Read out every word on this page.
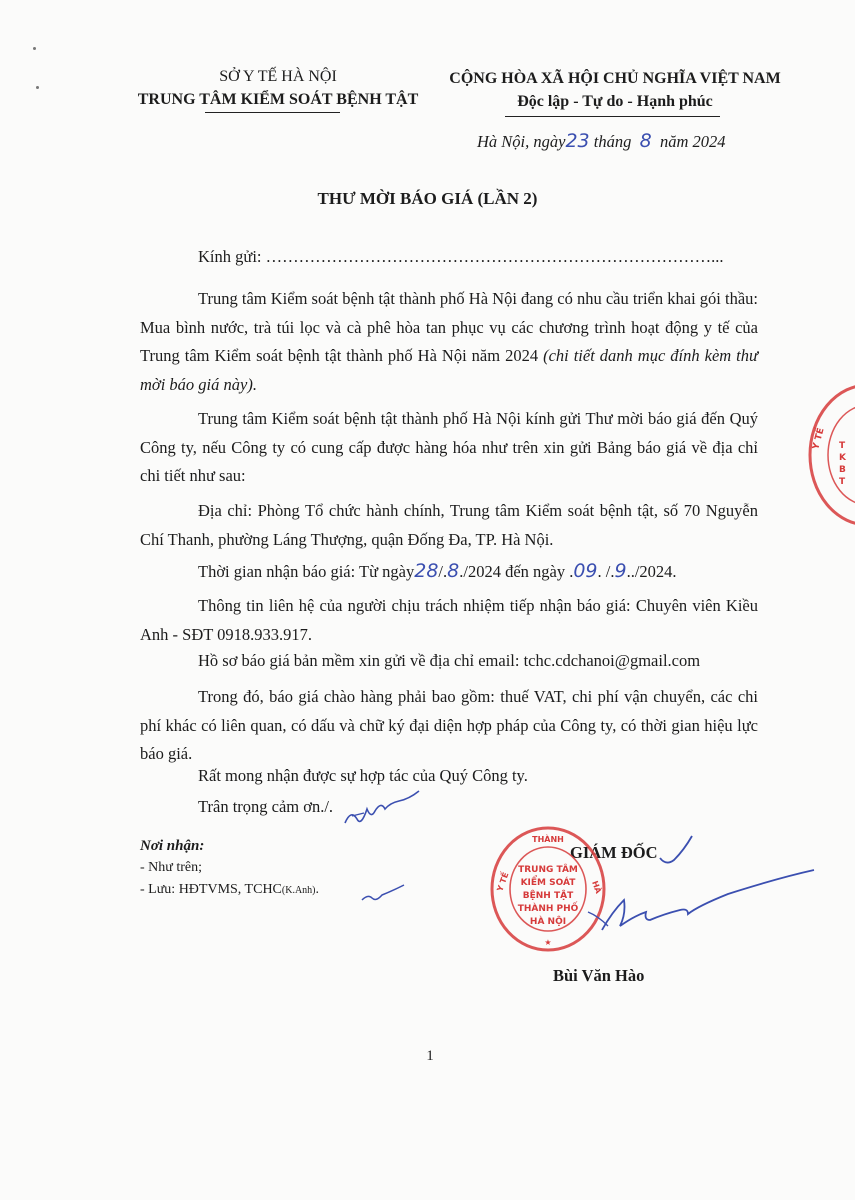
SỞ Y TẾ HÀ NỘI
TRUNG TÂM KIỂM SOÁT BỆNH TẬT
CỘNG HÒA XÃ HỘI CHỦ NGHĨA VIỆT NAM
Độc lập - Tự do - Hạnh phúc
Hà Nội, ngày23 tháng 8 năm 2024
THƯ MỜI BÁO GIÁ (LẦN 2)
Kính gửi: ………………………………………………………………………...
Trung tâm Kiểm soát bệnh tật thành phố Hà Nội đang có nhu cầu triển khai gói thầu: Mua bình nước, trà túi lọc và cà phê hòa tan phục vụ các chương trình hoạt động y tế của Trung tâm Kiểm soát bệnh tật thành phố Hà Nội năm 2024 (chi tiết danh mục đính kèm thư mời báo giá này).
Trung tâm Kiểm soát bệnh tật thành phố Hà Nội kính gửi Thư mời báo giá đến Quý Công ty, nếu Công ty có cung cấp được hàng hóa như trên xin gửi Bảng báo giá về địa chỉ chi tiết như sau:
Địa chỉ: Phòng Tổ chức hành chính, Trung tâm Kiểm soát bệnh tật, số 70 Nguyễn Chí Thanh, phường Láng Thượng, quận Đống Đa, TP. Hà Nội.
Thời gian nhận báo giá: Từ ngày28/.8./2024 đến ngày .09. /.9../2024.
Thông tin liên hệ của người chịu trách nhiệm tiếp nhận báo giá: Chuyên viên Kiều Anh - SĐT 0918.933.917.
Hồ sơ báo giá bản mềm xin gửi về địa chỉ email: tchc.cdchanoi@gmail.com
Trong đó, báo giá chào hàng phải bao gồm: thuế VAT, chi phí vận chuyển, các chi phí khác có liên quan, có dấu và chữ ký đại diện hợp pháp của Công ty, có thời gian hiệu lực báo giá.
Rất mong nhận được sự hợp tác của Quý Công ty.
Trân trọng cảm ơn./.
Nơi nhận:
- Như trên;
- Lưu: HĐTVMS, TCHC(K.Anh).
GIÁM ĐỐC
Bùi Văn Hào
THÀNH
Y TẾ	HÀ
★
TRUNG TÂM
KIỂM SOÁT
BỆNH TẬT
THÀNH PHỐ
HÀ NỘI
Y TẾ T
K
B
T
1
